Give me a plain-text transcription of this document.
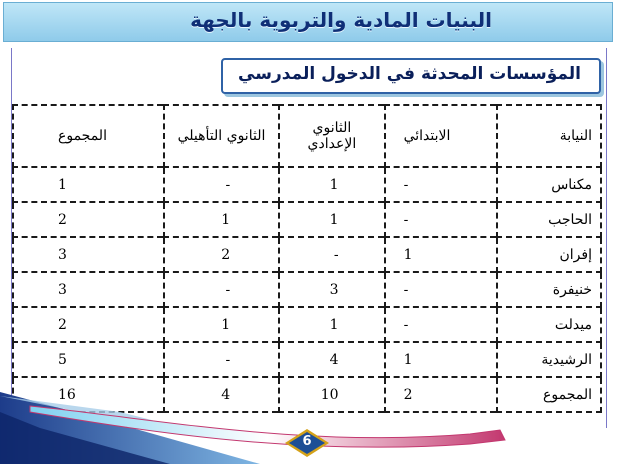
البنيات المادية والتربوية بالجهة
المؤسسات المحدثة في الدخول المدرسي
النيابة	الابتدائي	الثانوي الإعدادي	الثانوي التأهيلي	المجموع
مكناس	-	1	-	1
الحاجب	-	1	1	2
إفران	1	-	2	3
خنيفرة	-	3	-	3
ميدلت	-	1	1	2
الرشيدية	1	4	-	5
المجموع	2	10	4	16
6
